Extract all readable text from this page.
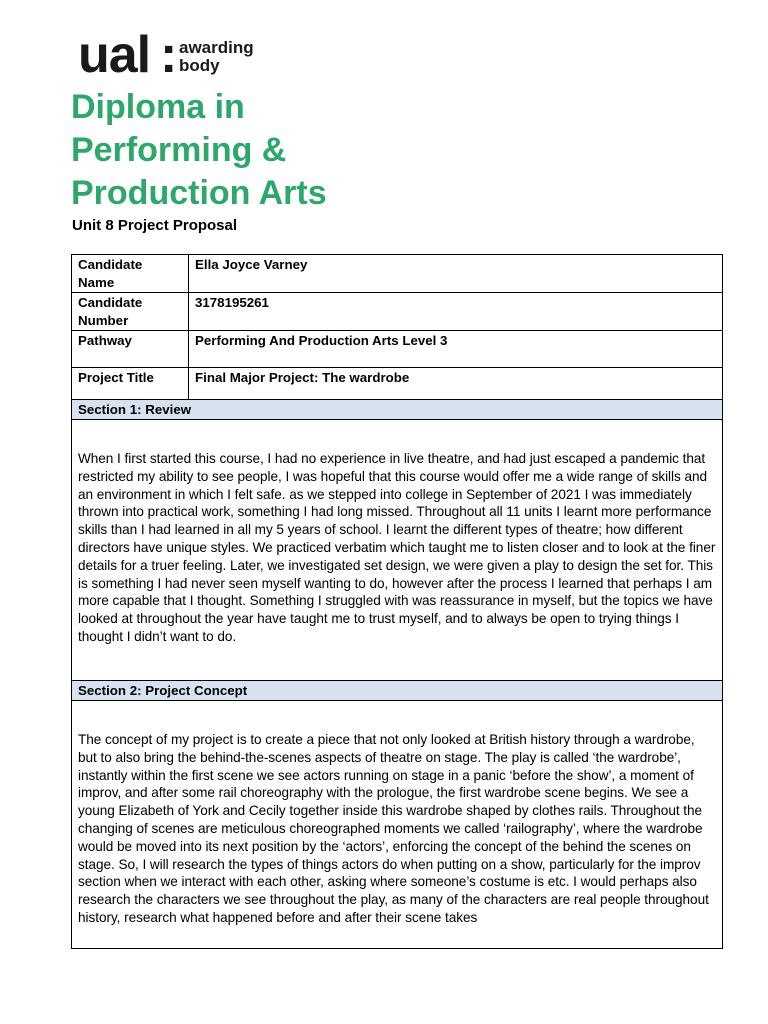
ual : awarding
body
Diploma in
Performing &
Production Arts
Unit 8 Project Proposal
Candidate Name	Ella Joyce Varney
Candidate Number	3178195261
Pathway	Performing And Production Arts Level 3
Project Title	Final Major Project: The wardrobe
Section 1: Review
When I first started this course, I had no experience in live theatre, and had just escaped a pandemic that restricted my ability to see people, I was hopeful that this course would offer me a wide range of skills and an environment in which I felt safe. as we stepped into college in September of 2021 I was immediately thrown into practical work, something I had long missed. Throughout all 11 units I learnt more performance skills than I had learned in all my 5 years of school. I learnt the different types of theatre; how different directors have unique styles. We practiced verbatim which taught me to listen closer and to look at the finer details for a truer feeling. Later, we investigated set design, we were given a play to design the set for. This is something I had never seen myself wanting to do, however after the process I learned that perhaps I am more capable that I thought. Something I struggled with was reassurance in myself, but the topics we have looked at throughout the year have taught me to trust myself, and to always be open to trying things I thought I didn’t want to do.
Section 2: Project Concept
The concept of my project is to create a piece that not only looked at British history through a wardrobe, but to also bring the behind-the-scenes aspects of theatre on stage. The play is called ‘the wardrobe’, instantly within the first scene we see actors running on stage in a panic ‘before the show’, a moment of improv, and after some rail choreography with the prologue, the first wardrobe scene begins. We see a young Elizabeth of York and Cecily together inside this wardrobe shaped by clothes rails. Throughout the changing of scenes are meticulous choreographed moments we called ‘railography’, where the wardrobe would be moved into its next position by the ‘actors’, enforcing the concept of the behind the scenes on stage. So, I will research the types of things actors do when putting on a show, particularly for the improv section when we interact with each other, asking where someone’s costume is etc. I would perhaps also research the characters we see throughout the play, as many of the characters are real people throughout history, research what happened before and after their scene takes
